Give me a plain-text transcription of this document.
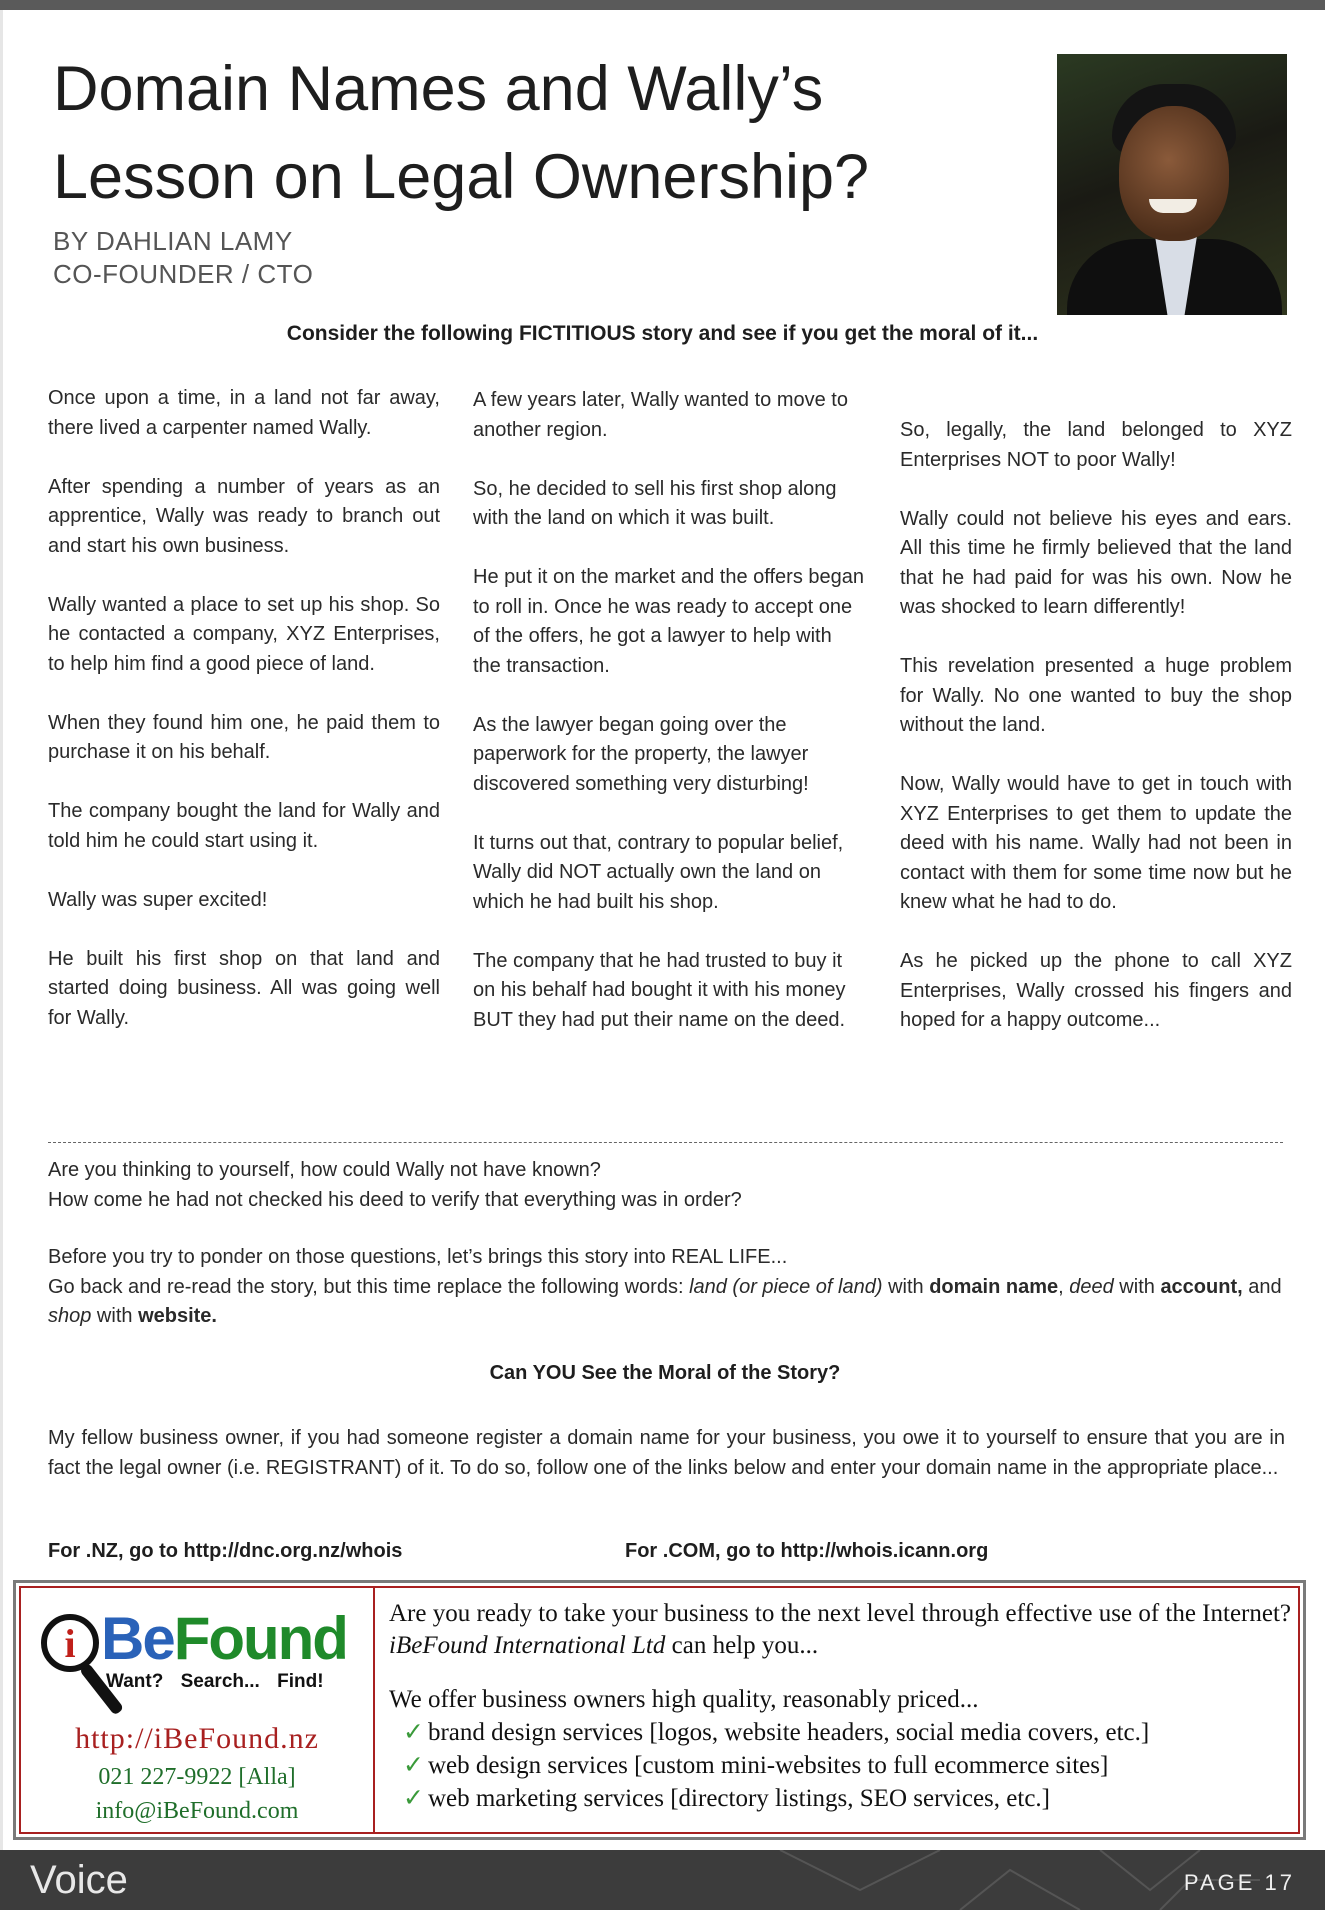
Domain Names and Wally’s Lesson on Legal Ownership?
BY DAHLIAN LAMY
CO-FOUNDER / CTO
Consider the following FICTITIOUS story and see if you get the moral of it...

Once upon a time, in a land not far away, there lived a carpenter named Wally.

After spending a number of years as an apprentice, Wally was ready to branch out and start his own business.

Wally wanted a place to set up his shop. So he contacted a company, XYZ Enterprises, to help him find a good piece of land.

When they found him one, he paid them to purchase it on his behalf.

The company bought the land for Wally and told him he could start using it.

Wally was super excited!

He built his first shop on that land and started doing business. All was going well for Wally.

A few years later, Wally wanted to move to another region.

So, he decided to sell his first shop along with the land on which it was built.

He put it on the market and the offers began to roll in. Once he was ready to accept one of the offers, he got a lawyer to help with the transaction.

As the lawyer began going over the paperwork for the property, the lawyer discovered something very disturbing!

It turns out that, contrary to popular belief, Wally did NOT actually own the land on which he had built his shop.

The company that he had trusted to buy it on his behalf had bought it with his money BUT they had put their name on the deed.

So, legally, the land belonged to XYZ Enterprises NOT to poor Wally!

Wally could not believe his eyes and ears. All this time he firmly believed that the land that he had paid for was his own. Now he was shocked to learn differently!

This revelation presented a huge problem for Wally. No one wanted to buy the shop without the land.

Now, Wally would have to get in touch with XYZ Enterprises to get them to update the deed with his name. Wally had not been in contact with them for some time now but he knew what he had to do.

As he picked up the phone to call XYZ Enterprises, Wally crossed his fingers and hoped for a happy outcome...

Are you thinking to yourself, how could Wally not have known?
How come he had not checked his deed to verify that everything was in order?
Before you try to ponder on those questions, let’s brings this story into REAL LIFE...
Go back and re-read the story, but this time replace the following words: land (or piece of land) with domain name, deed with account, and shop with website.
Can YOU See the Moral of the Story?
My fellow business owner, if you had someone register a domain name for your business, you owe it to yourself to ensure that you are in fact the legal owner (i.e. REGISTRANT) of it. To do so, follow one of the links below and enter your domain name in the appropriate place...
For .NZ, go to http://dnc.org.nz/whois	For .COM, go to http://whois.icann.org
i BeFound
Want? Search... Find!
http://iBeFound.nz
021 227-9922 [Alla]
info@iBeFound.com

Are you ready to take your business to the next level through effective use of the Internet? iBeFound International Ltd can help you...

We offer business owners high quality, reasonably priced...

✓ brand design services [logos, website headers, social media covers, etc.]
✓ web design services [custom mini-websites to full ecommerce sites]
✓ web marketing services [directory listings, SEO services, etc.]
Voice	PAGE 17
